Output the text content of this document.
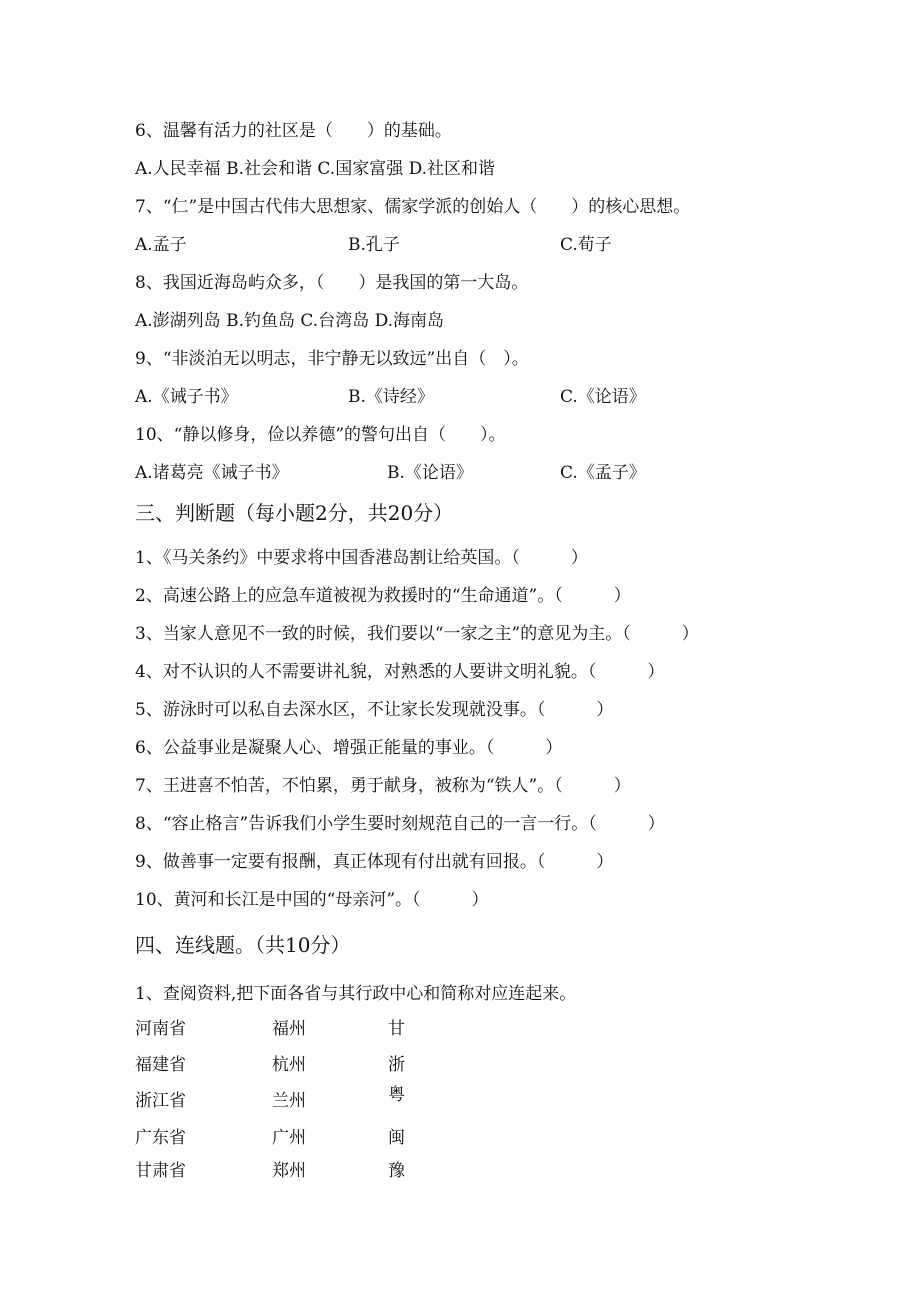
6、温馨有活力的社区是（　　）的基础。
A.人民幸福 B.社会和谐 C.国家富强 D.社区和谐
7、“仁”是中国古代伟大思想家、儒家学派的创始人（　　）的核心思想。
A.孟子	B.孔子	C.荀子
8、我国近海岛屿众多，（　　）是我国的第一大岛。
A.澎湖列岛 B.钓鱼岛 C.台湾岛 D.海南岛
9、“非淡泊无以明志，非宁静无以致远”出自（　）。
A.《诫子书》	B.《诗经》	C.《论语》
10、“静以修身，俭以养德”的警句出自（　　）。
A.诸葛亮《诫子书》	B.《论语》	C.《孟子》
三、判断题（每小题2分，共20分）
1、《马关条约》中要求将中国香港岛割让给英国。（　　　）
2、高速公路上的应急车道被视为救援时的“生命通道”。（　　　）
3、当家人意见不一致的时候，我们要以“一家之主”的意见为主。（　　　）
4、对不认识的人不需要讲礼貌，对熟悉的人要讲文明礼貌。（　　　）
5、游泳时可以私自去深水区，不让家长发现就没事。（　　　）
6、公益事业是凝聚人心、增强正能量的事业。（　　　）
7、王进喜不怕苦，不怕累，勇于献身，被称为“铁人”。（　　　）
8、“容止格言”告诉我们小学生要时刻规范自己的一言一行。（　　　）
9、做善事一定要有报酬，真正体现有付出就有回报。（　　　）
10、黄河和长江是中国的“母亲河”。（　　　）
四、连线题。（共10分）
1、查阅资料,把下面各省与其行政中心和简称对应连起来。
河南省	福州	甘
福建省	杭州	浙
浙江省	兰州	粤
广东省	广州	闽
甘肃省	郑州	豫
